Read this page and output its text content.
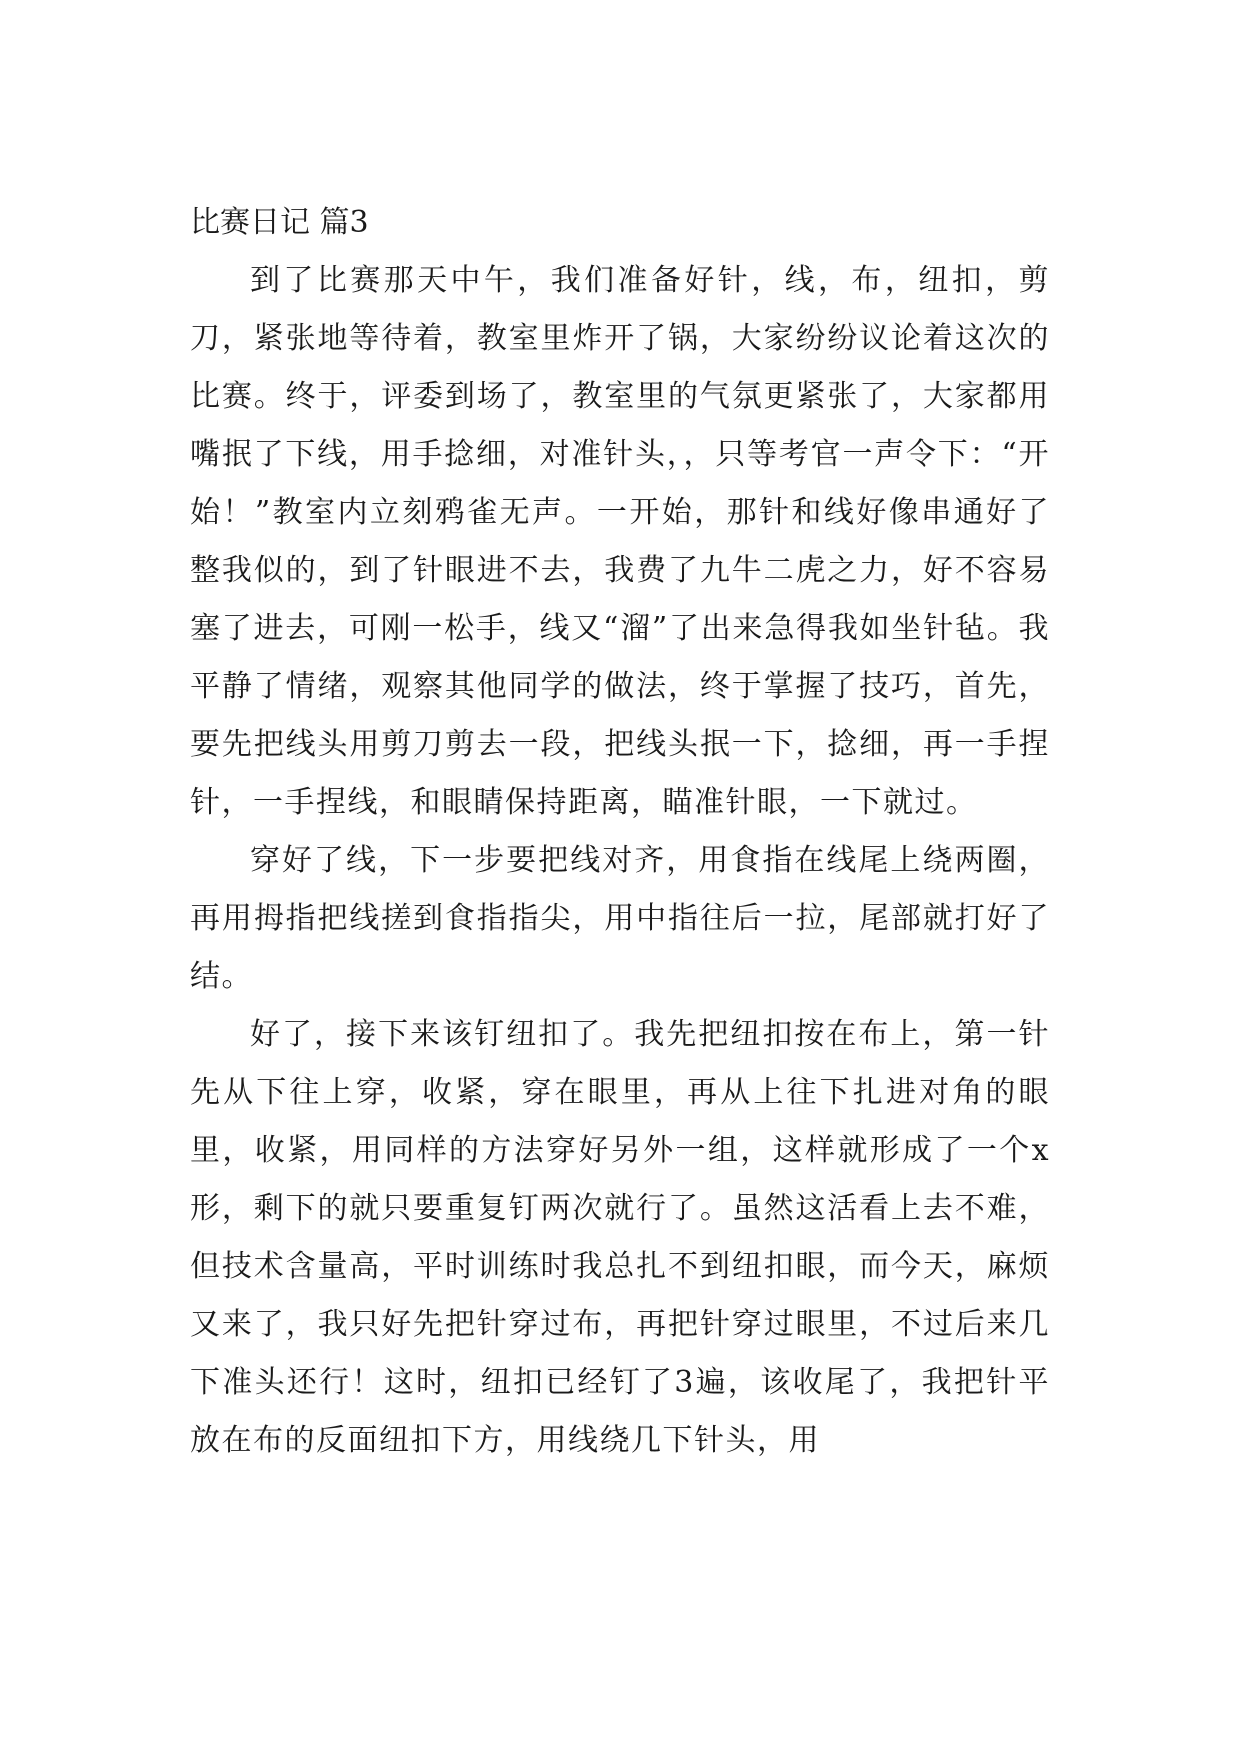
比赛日记 篇3

到了比赛那天中午，我们准备好针，线，布，纽扣，剪刀，紧张地等待着，教室里炸开了锅，大家纷纷议论着这次的比赛。终于，评委到场了，教室里的气氛更紧张了，大家都用嘴抿了下线，用手捻细，对准针头，，只等考官一声令下：“开始！”教室内立刻鸦雀无声。一开始，那针和线好像串通好了整我似的，到了针眼进不去，我费了九牛二虎之力，好不容易塞了进去，可刚一松手，线又“溜”了出来急得我如坐针毡。我平静了情绪，观察其他同学的做法，终于掌握了技巧，首先，要先把线头用剪刀剪去一段，把线头抿一下，捻细，再一手捏针，一手捏线，和眼睛保持距离，瞄准针眼，一下就过。

穿好了线，下一步要把线对齐，用食指在线尾上绕两圈，再用拇指把线搓到食指指尖，用中指往后一拉，尾部就打好了结。

好了，接下来该钉纽扣了。我先把纽扣按在布上，第一针先从下往上穿，收紧，穿在眼里，再从上往下扎进对角的眼里，收紧，用同样的方法穿好另外一组，这样就形成了一个x形，剩下的就只要重复钉两次就行了。虽然这活看上去不难，但技术含量高，平时训练时我总扎不到纽扣眼，而今天，麻烦又来了，我只好先把针穿过布，再把针穿过眼里，不过后来几下准头还行！这时，纽扣已经钉了3遍，该收尾了，我把针平放在布的反面纽扣下方，用线绕几下针头，用
